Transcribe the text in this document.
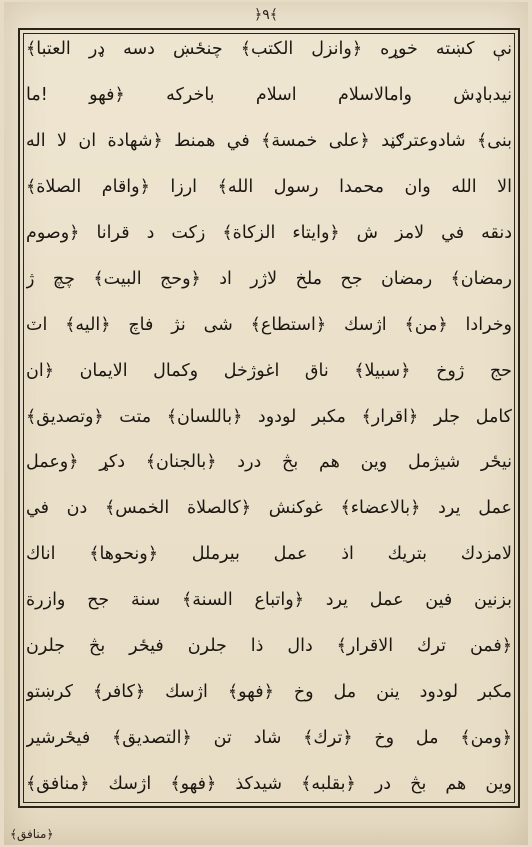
﴿۹﴾
نې كښته خوړه ﴿وانزل الكتب﴾ چنځښ دسه ډر العتبا﴾
نیدباډش وامالاسلام اسلام باخركه ﴿فهو !ما
بنى﴾ شادوعترګڼد ﴿على خمسة﴾ في همنط ﴿شهادة ان لا اله
الا الله وان محمدا رسول الله﴾ ارزا ﴿واقام الصلاة﴾
دنقه في لامز ش ﴿وايتاء الزكاة﴾ زكت د قرانا ﴿وصوم
رمضان﴾ رمضان جح ملخ لاژر اد ﴿وحج البيت﴾ چچ ژ
وخرادا ﴿من﴾ اژسك ﴿استطاع﴾ شى نژ فاچ ﴿اليه﴾ اٽ
حج ژوخ ﴿سبيلا﴾ ناق اغوژخل وكمال الايمان ﴿ان
كامل جلر ﴿اقرار﴾ مكبر لودود ﴿باللسان﴾ متت ﴿وتصديق﴾
نيځر شيژمل وين هم بڅ درد ﴿بالجنان﴾ دكړ ﴿وعمل
عمل يرد ﴿بالاعضاء﴾ غوكنش ﴿كالصلاة الخمس﴾ دن في
لامزدك بتريك اذ عمل بيرملل ﴿ونحوها﴾ اناك
بزنين فين عمل يرد ﴿واتباع السنة﴾ سنة جح وازرة
﴿فمن ترك الاقرار﴾ دال ذا جلرن فيځر بڅ جلرن
مكبر لودود ينن مل وخ ﴿فهو﴾ اژسك ﴿كافر﴾ كرښتو
﴿ومن﴾ مل وخ ﴿ترك﴾ شاد تن ﴿التصديق﴾ فيځرشير
وين هم بڅ در ﴿بقلبه﴾ شيدكذ ﴿فهو﴾ اژسك ﴿منافق﴾
﴿منافق﴾
